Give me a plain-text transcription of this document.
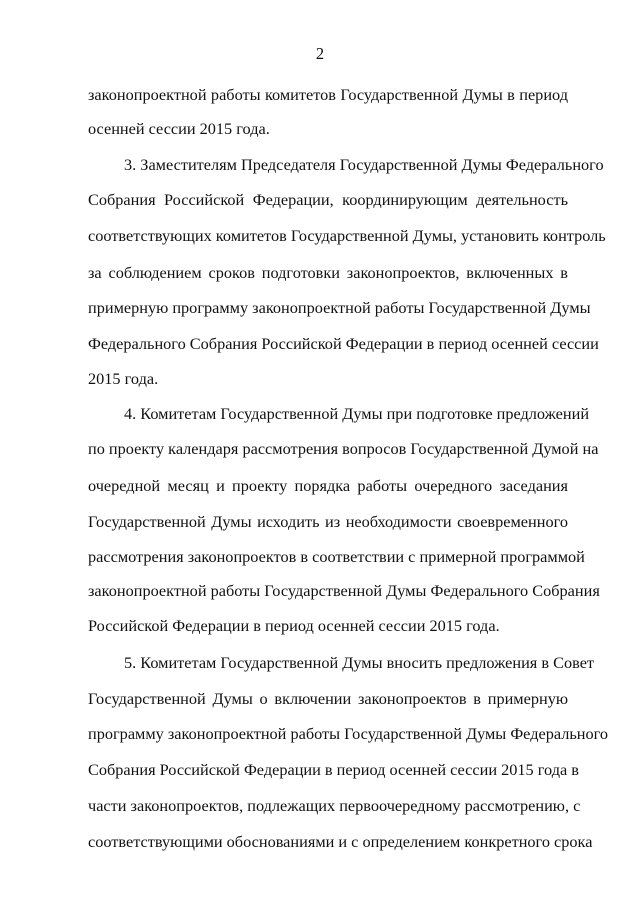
2
законопроектной работы комитетов Государственной Думы в период
осенней сессии 2015 года.
3. Заместителям Председателя Государственной Думы Федерального
Собрания Российской Федерации, координирующим деятельность
соответствующих комитетов Государственной Думы, установить контроль
за соблюдением сроков подготовки законопроектов, включенных в
примерную программу законопроектной работы Государственной Думы
Федерального Собрания Российской Федерации в период осенней сессии
2015 года.
4. Комитетам Государственной Думы при подготовке предложений
по проекту календаря рассмотрения вопросов Государственной Думой на
очередной месяц и проекту порядка работы очередного заседания
Государственной Думы исходить из необходимости своевременного
рассмотрения законопроектов в соответствии с примерной программой
законопроектной работы Государственной Думы Федерального Собрания
Российской Федерации в период осенней сессии 2015 года.
5. Комитетам Государственной Думы вносить предложения в Совет
Государственной Думы о включении законопроектов в примерную
программу законопроектной работы Государственной Думы Федерального
Собрания Российской Федерации в период осенней сессии 2015 года в
части законопроектов, подлежащих первоочередному рассмотрению, с
соответствующими обоснованиями и с определением конкретного срока
